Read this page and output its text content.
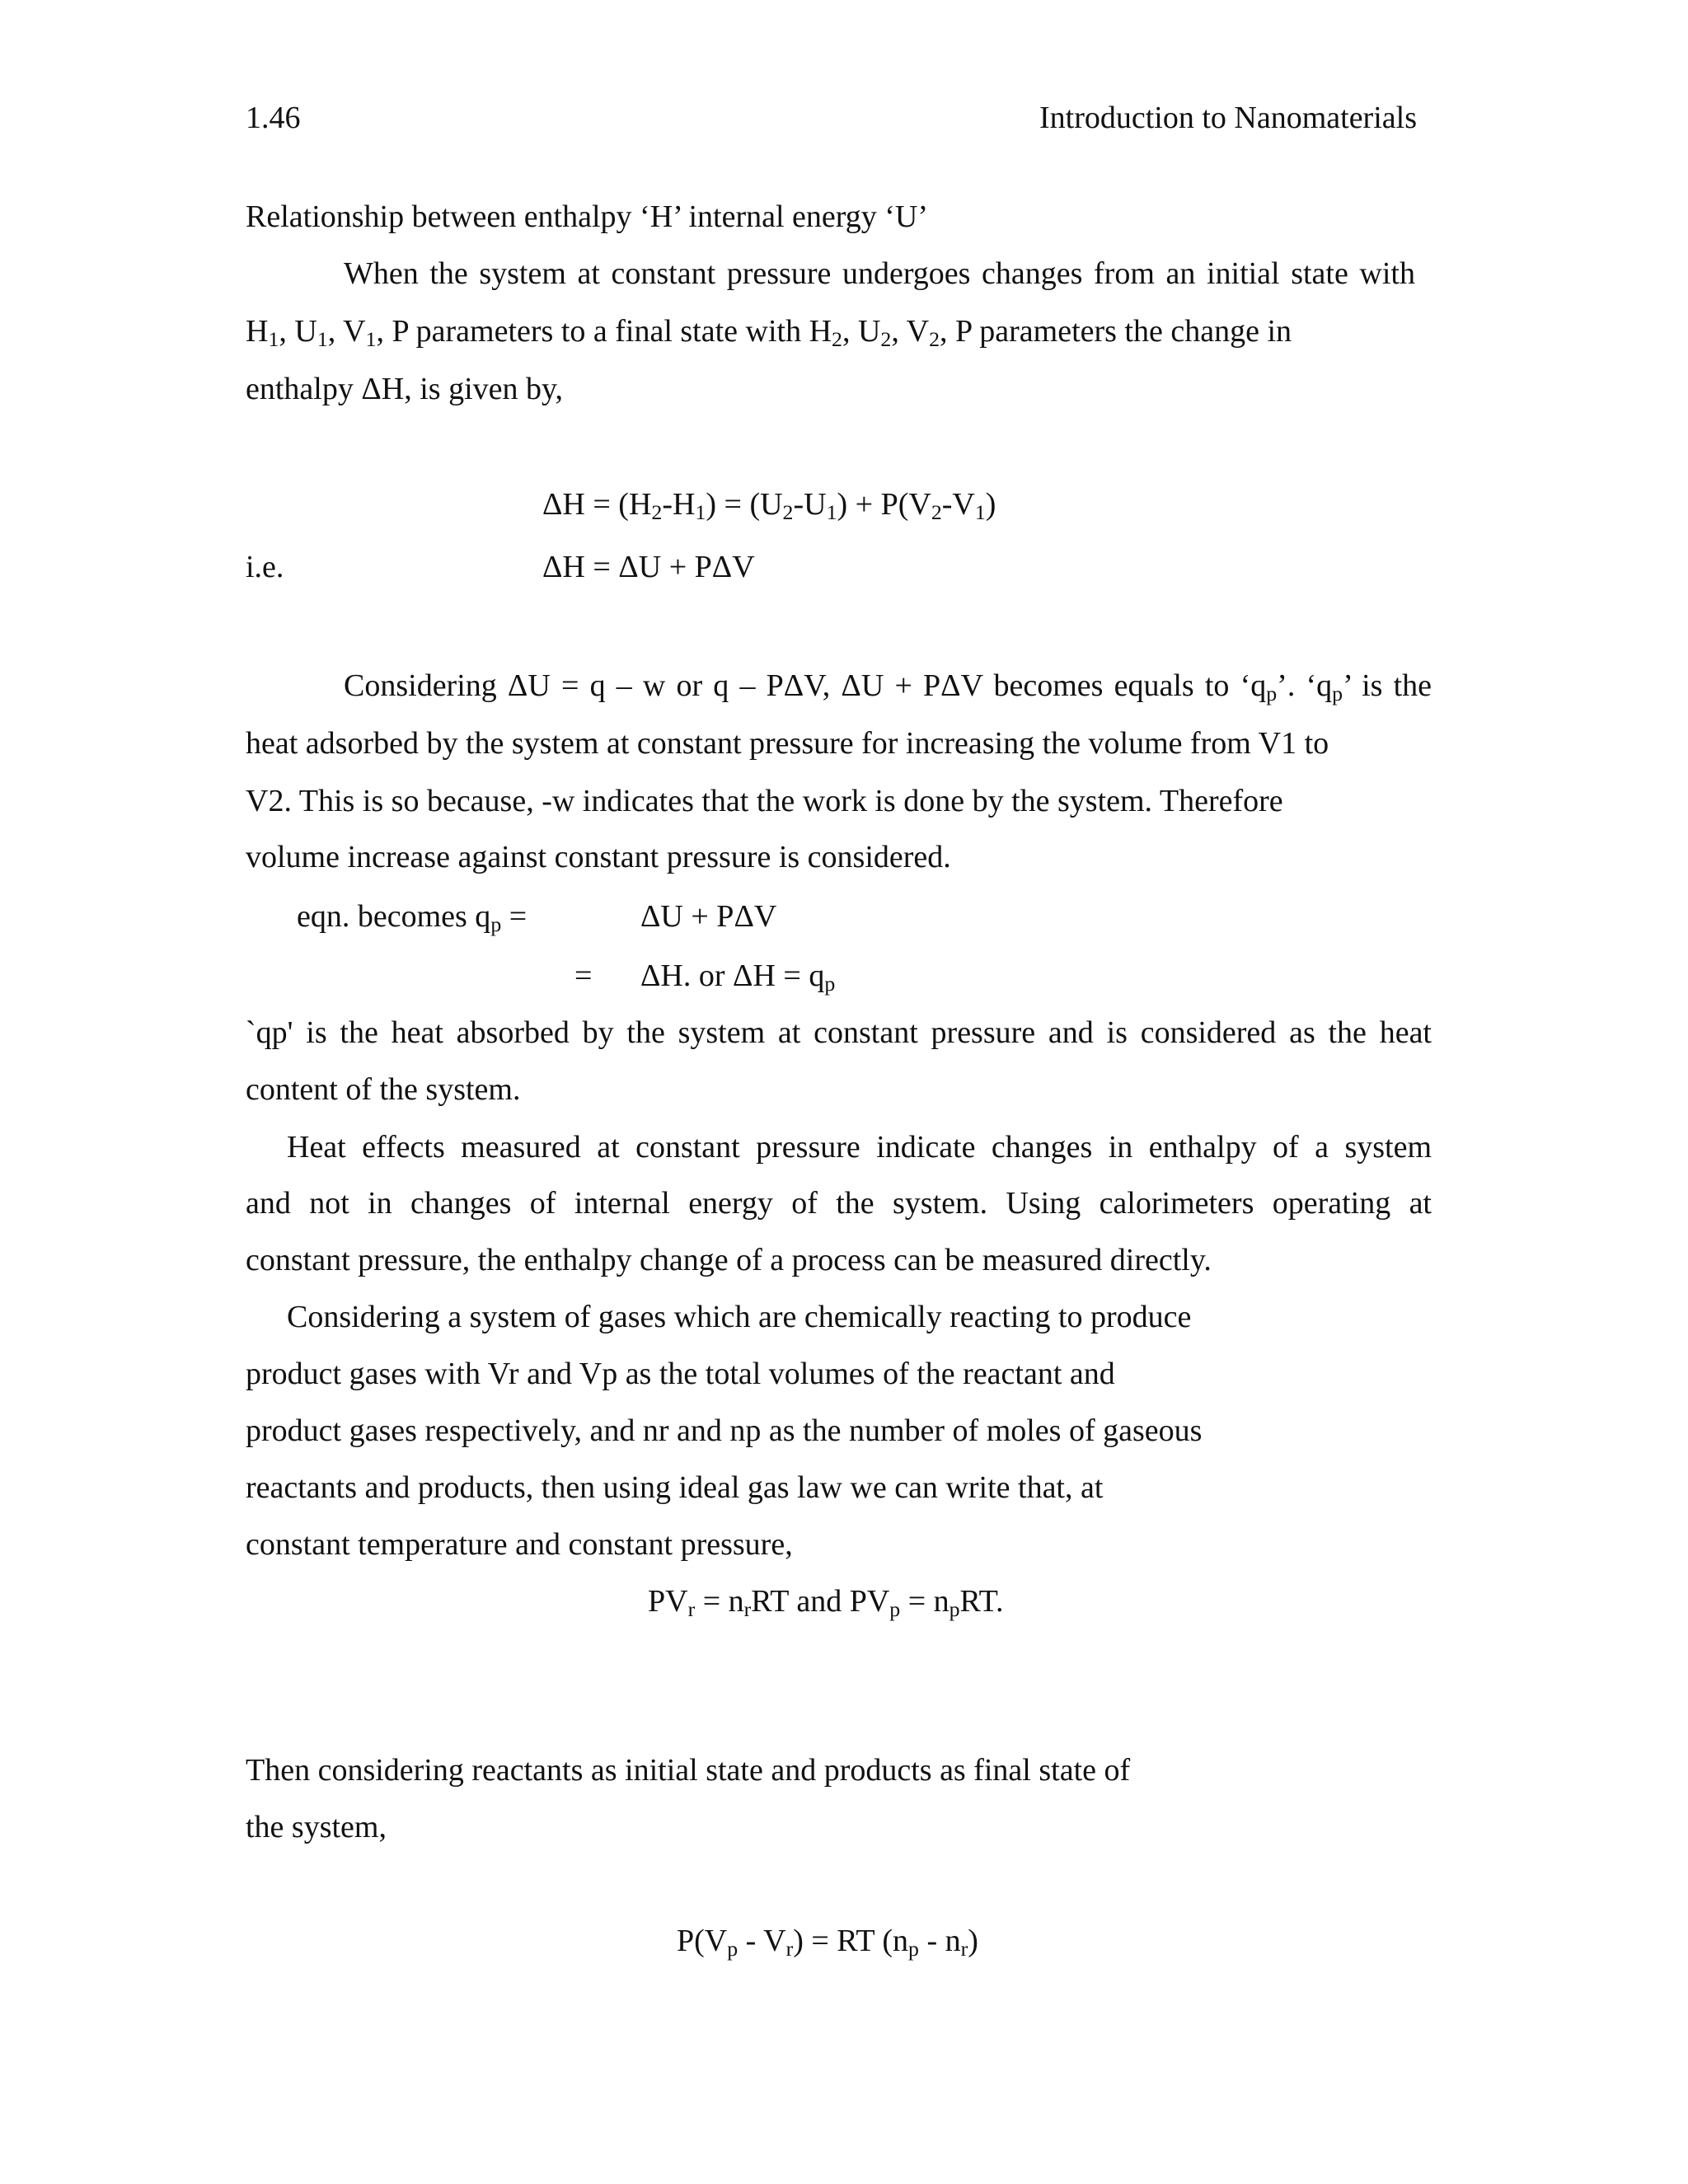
1.46	Introduction to Nanomaterials

Relationship between enthalpy ‘H’ internal energy ‘U’

When the system at constant pressure undergoes changes from an initial state with

$H_1$, $U_1$, $V_1$, P parameters to a final state with $H_2$, $U_2$, $V_2$, P parameters the change in

enthalpy ΔH, is given by,

$\Delta H = (H_2-H_1) = (U_2-U_1) + P(V_2-V_1)$

i.e.	ΔH = ΔU + PΔV

Considering ΔU = q – w or q – PΔV, ΔU + PΔV becomes equals to ‘$q_p$’. ‘$q_p$’ is the

heat adsorbed by the system at constant pressure for increasing the volume from V1 to

V2. This is so because, -w indicates that the work is done by the system. Therefore

volume increase against constant pressure is considered.

eqn. becomes $q_p$ =	ΔU + PΔV

= ΔH. or $\Delta H = q_p$

`qp' is the heat absorbed by the system at constant pressure and is considered as the heat

content of the system.

Heat effects measured at constant pressure indicate changes in enthalpy of a system

and not in changes of internal energy of the system. Using calorimeters operating at

constant pressure, the enthalpy change of a process can be measured directly.

Considering a system of gases which are chemically reacting to produce

product gases with Vr and Vp as the total volumes of the reactant and

product gases respectively, and nr and np as the number of moles of gaseous

reactants and products, then using ideal gas law we can write that, at

constant temperature and constant pressure,

$PV_r = n_rRT$ and $PV_p = n_pRT$.

Then considering reactants as initial state and products as final state of

the system,

$P(V_p - V_r)$ = RT $(n_p - n_r)$
